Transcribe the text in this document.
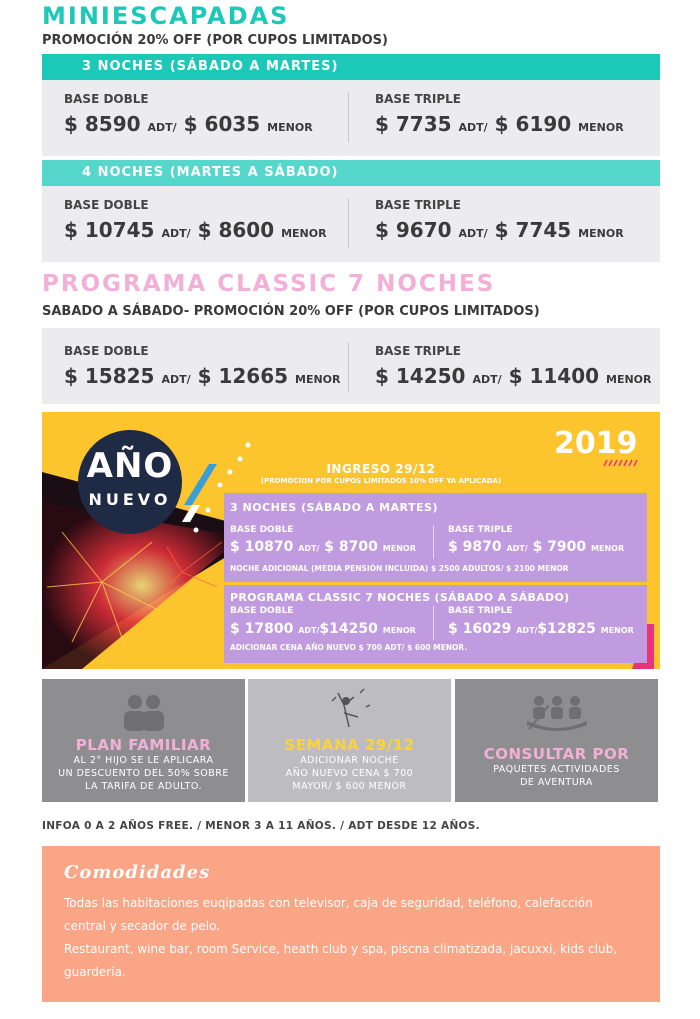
MINIESCAPADAS
PROMOCIÓN 20% OFF (POR CUPOS LIMITADOS)
3 NOCHES (SÁBADO A MARTES)
BASE DOBLE
$ 8590 ADT/ $ 6035 MENOR
BASE TRIPLE
$ 7735 ADT/ $ 6190 MENOR
4 NOCHES (MARTES A SÁBADO)
BASE DOBLE
$ 10745 ADT/ $ 8600 MENOR
BASE TRIPLE
$ 9670 ADT/ $ 7745 MENOR
PROGRAMA CLASSIC 7 NOCHES
SABADO A SÁBADO- PROMOCIÓN 20% OFF (POR CUPOS LIMITADOS)
BASE DOBLE
$ 15825 ADT/ $ 12665 MENOR
BASE TRIPLE
$ 14250 ADT/ $ 11400 MENOR
AÑO
NUEVO
2019
INGRESO 29/12
(PROMOCION POR CUPOS LIMITADOS 10% OFF YA APLICADA)
3 NOCHES (SÁBADO A MARTES)
BASE DOBLE
$ 10870 ADT/ $ 8700 MENOR
BASE TRIPLE
$ 9870 ADT/ $ 7900 MENOR
NOCHE ADICIONAL (MEDIA PENSIÓN INCLUIDA) $ 2500 ADULTOS/ $ 2100 MENOR
PROGRAMA CLASSIC 7 NOCHES (SÁBADO A SÁBADO)
BASE DOBLE
$ 17800 ADT/$14250 MENOR
BASE TRIPLE
$ 16029 ADT/$12825 MENOR
ADICIONAR CENA AÑO NUEVO $ 700 ADT/ $ 600 MENOR.
PLAN FAMILIAR
AL 2° HIJO SE LE APLICARA
UN DESCUENTO DEL 50% SOBRE
LA TARIFA DE ADULTO.
SEMANA 29/12
ADICIONAR NOCHE
AÑO NUEVO CENA $ 700
MAYOR/ $ 600 MENOR
CONSULTAR POR
PAQUETES ACTIVIDADES
DE AVENTURA
INFOA 0 A 2 AÑOS FREE. / MENOR 3 A 11 AÑOS. / ADT DESDE 12 AÑOS.
Comodidades
Todas las habitaciones euqipadas con televisor, caja de seguridad, teléfono, calefacción
central y secador de pelo.
Restaurant, wine bar, room Service, heath club y spa, piscna climatizada, jacuxxi, kids club,
guardería.
